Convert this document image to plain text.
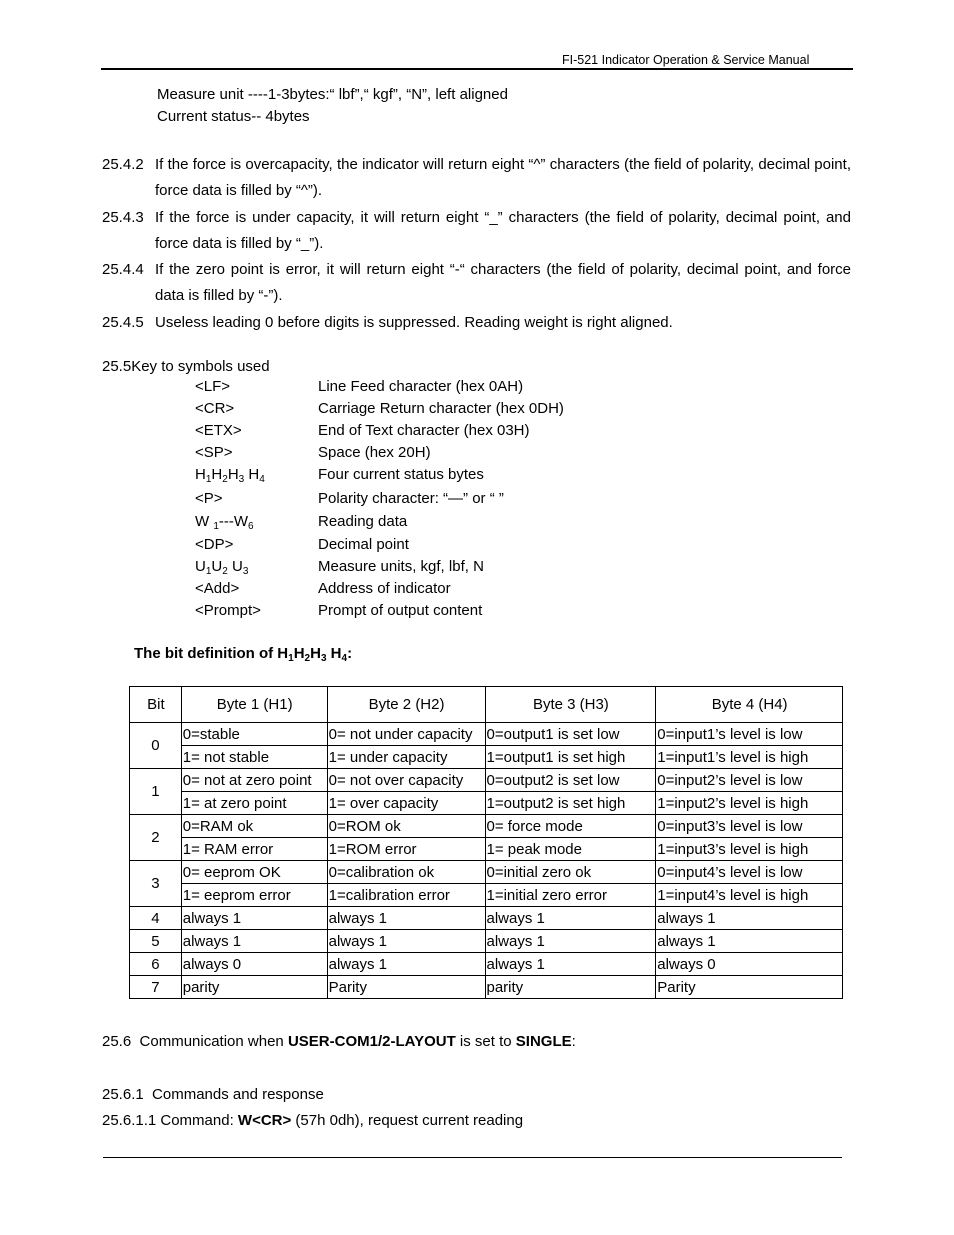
FI-521 Indicator Operation & Service Manual
Measure unit ----1-3bytes:“ lbf”,“ kgf”, “N”, left aligned
Current status-- 4bytes
25.4.2 If the force is overcapacity, the indicator will return eight “^” characters (the field of polarity, decimal point, force data is filled by “^”).
25.4.3 If the force is under capacity, it will return eight “_” characters (the field of polarity, decimal point, and force data is filled by “_”).
25.4.4 If the zero point is error, it will return eight “-“ characters (the field of polarity, decimal point, and force data is filled by “-”).
25.4.5 Useless leading 0 before digits is suppressed. Reading weight is right aligned.
25.5Key to symbols used
<LF>	Line Feed character (hex 0AH)
<CR>	Carriage Return character (hex 0DH)
<ETX>	End of Text character (hex 03H)
<SP>	Space (hex 20H)
$H_1H_2H_3$ $H_4$	Four current status bytes
<P>	Polarity character: “—” or “ ”
W $_1---W_6$	Reading data
<DP>	Decimal point
$U_1U_2$ $U_3$	Measure units, kgf, lbf, N
<Add>	Address of indicator
<Prompt>	Prompt of output content
The bit definition of $H_1H_2H_3$ $H_4$:
Bit	Byte 1 (H1)	Byte 2 (H2)	Byte 3 (H3)	Byte 4 (H4)
0	0=stable	0= not under capacity	0=output1 is set low	0=input1’s level is low
	1= not stable	1= under capacity	1=output1 is set high	1=input1’s level is high
1	0= not at zero point	0= not over capacity	0=output2 is set low	0=input2’s level is low
	1= at zero point	1= over capacity	1=output2 is set high	1=input2’s level is high
2	0=RAM ok	0=ROM ok	0= force mode	0=input3’s level is low
	1= RAM error	1=ROM error	1= peak mode	1=input3’s level is high
3	0= eeprom OK	0=calibration ok	0=initial zero ok	0=input4’s level is low
	1= eeprom error	1=calibration error	1=initial zero error	1=input4’s level is high
4	always 1	always 1	always 1	always 1
5	always 1	always 1	always 1	always 1
6	always 0	always 1	always 1	always 0
7	parity	Parity	parity	Parity
25.6  Communication when USER-COM1/2-LAYOUT is set to SINGLE:
25.6.1  Commands and response
25.6.1.1 Command: W<CR> (57h 0dh), request current reading
